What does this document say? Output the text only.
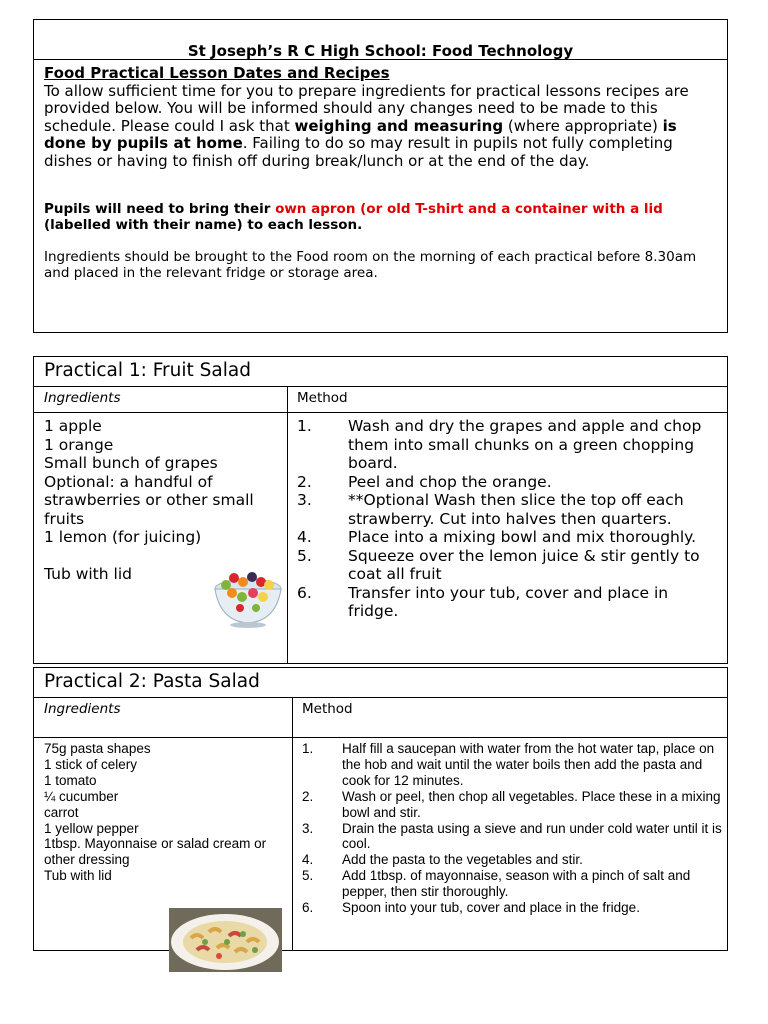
St Joseph’s R C High School: Food Technology
Food Practical Lesson Dates and Recipes
To allow sufficient time for you to prepare ingredients for practical lessons recipes are provided below. You will be informed should any changes need to be made to this schedule. Please could I ask that weighing and measuring (where appropriate) is done by pupils at home. Failing to do so may result in pupils not fully completing dishes or having to finish off during break/lunch or at the end of the day.
Pupils will need to bring their own apron (or old T-shirt and a container with a lid (labelled with their name) to each lesson.
Ingredients should be brought to the Food room on the morning of each practical before 8.30am and placed in the relevant fridge or storage area.
Practical 1: Fruit Salad
Ingredients	Method
1 apple
1 orange
Small bunch of grapes
Optional: a handful of strawberries or other small fruits
1 lemon (for juicing)

Tub with lid
1. Wash and dry the grapes and apple and chop them into small chunks on a green chopping board.
2. Peel and chop the orange.
3. **Optional Wash then slice the top off each strawberry. Cut into halves then quarters.
4. Place into a mixing bowl and mix thoroughly.
5. Squeeze over the lemon juice & stir gently to coat all fruit
6. Transfer into your tub, cover and place in fridge.
Practical 2: Pasta Salad
Ingredients	Method
75g pasta shapes
1 stick of celery
1 tomato
¼ cucumber
carrot
1 yellow pepper
1tbsp. Mayonnaise or salad cream or  other dressing
Tub with lid
1. Half fill a saucepan with water from the hot water tap, place on the hob and wait until the water boils then add the pasta and cook for 12 minutes.
2. Wash or peel, then chop all vegetables. Place these in a mixing bowl and stir.
3. Drain the pasta using a sieve and run under cold water until it is cool.
4. Add the pasta to the vegetables and stir.
5. Add 1tbsp. of mayonnaise, season with a pinch of salt and pepper, then stir thoroughly.
6. Spoon into your tub, cover and place in the fridge.
